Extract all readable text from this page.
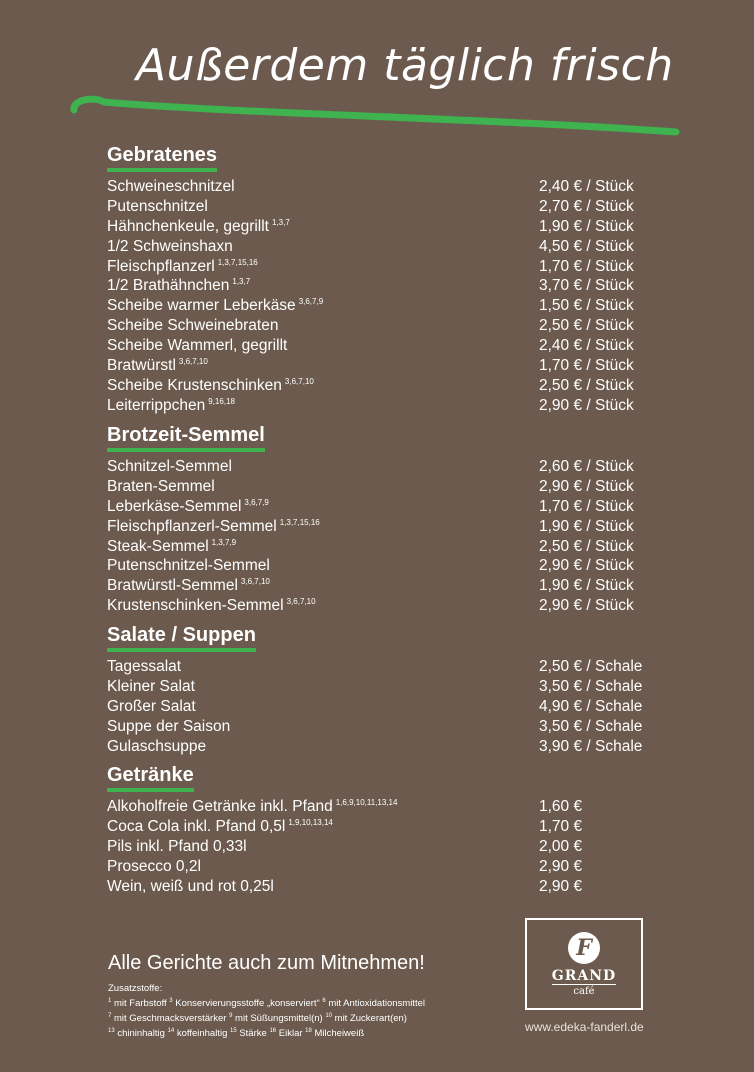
Außerdem täglich frisch
Gebratenes
Schweineschnitzel	2,40 € / Stück
Putenschnitzel	2,70 € / Stück
Hähnchenkeule, gegrillt $^{1,3,7}$	1,90 € / Stück
1/2 Schweinshaxn	4,50 € / Stück
Fleischpflanzerl $^{1,3,7,15,16}$	1,70 € / Stück
1/2 Brathähnchen $^{1,3,7}$	3,70 € / Stück
Scheibe warmer Leberkäse $^{3,6,7,9}$	1,50 € / Stück
Scheibe Schweinebraten	2,50 € / Stück
Scheibe Wammerl, gegrillt	2,40 € / Stück
Bratwürstl $^{3,6,7,10}$	1,70 € / Stück
Scheibe Krustenschinken $^{3,6,7,10}$	2,50 € / Stück
Leiterrippchen $^{9,16,18}$	2,90 € / Stück
Brotzeit-Semmel
Schnitzel-Semmel	2,60 € / Stück
Braten-Semmel	2,90 € / Stück
Leberkäse-Semmel $^{3,6,7,9}$	1,70 € / Stück
Fleischpflanzerl-Semmel $^{1,3,7,15,16}$	1,90 € / Stück
Steak-Semmel $^{1,3,7,9}$	2,50 € / Stück
Putenschnitzel-Semmel	2,90 € / Stück
Bratwürstl-Semmel $^{3,6,7,10}$	1,90 € / Stück
Krustenschinken-Semmel $^{3,6,7,10}$	2,90 € / Stück
Salate / Suppen
Tagessalat	2,50 € / Schale
Kleiner Salat	3,50 € / Schale
Großer Salat	4,90 € / Schale
Suppe der Saison	3,50 € / Schale
Gulaschsuppe	3,90 € / Schale
Getränke
Alkoholfreie Getränke inkl. Pfand $^{1,6,9,10,11,13,14}$	1,60 €
Coca Cola inkl. Pfand 0,5l $^{1,9,10,13,14}$	1,70 €
Pils inkl. Pfand 0,33l	2,00 €
Prosecco 0,2l	2,90 €
Wein, weiß und rot 0,25l	2,90 €
Alle Gerichte auch zum Mitnehmen!
Zusatzstoffe:
$^1$ mit Farbstoff $^3$ Konservierungsstoffe „konserviert“ $^6$ mit Antioxidationsmittel
$^7$ mit Geschmacksverstärker $^9$ mit Süßungsmittel(n) $^{10}$ mit Zuckerart(en)
$^{13}$ chininhaltig $^{14}$ koffeinhaltig $^{15}$ Stärke $^{16}$ Eiklar $^{18}$ Milcheiweiß
F
GRAND
café
www.edeka-fanderl.de
